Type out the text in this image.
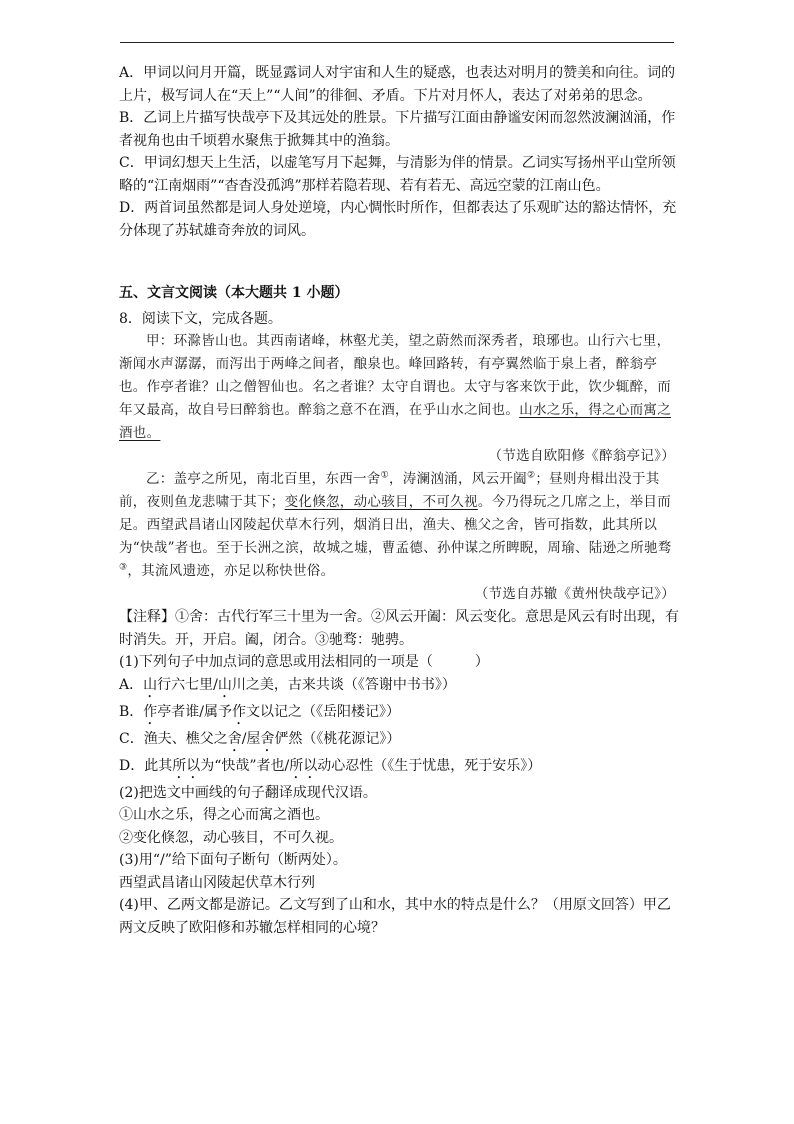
A．甲词以问月开篇，既显露词人对宇宙和人生的疑惑，也表达对明月的赞美和向往。词的上片，极写词人在“天上”“人间”的徘徊、矛盾。下片对月怀人，表达了对弟弟的思念。

B．乙词上片描写快哉亭下及其远处的胜景。下片描写江面由静谧安闲而忽然波澜汹涌，作者视角也由千顷碧水聚焦于掀舞其中的渔翁。

C．甲词幻想天上生活，以虚笔写月下起舞，与清影为伴的情景。乙词实写扬州平山堂所领略的“江南烟雨”“杳杳没孤鸿”那样若隐若现、若有若无、高远空蒙的江南山色。

D．两首词虽然都是词人身处逆境，内心惆怅时所作，但都表达了乐观旷达的豁达情怀，充分体现了苏轼雄奇奔放的词风。

五、文言文阅读（本大题共 1 小题）

8．阅读下文，完成各题。

甲：环滁皆山也。其西南诸峰，林壑尤美，望之蔚然而深秀者，琅琊也。山行六七里，渐闻水声潺潺，而泻出于两峰之间者，酿泉也。峰回路转，有亭翼然临于泉上者，醉翁亭也。作亭者谁？山之僧智仙也。名之者谁？太守自谓也。太守与客来饮于此，饮少辄醉，而年又最高，故自号曰醉翁也。醉翁之意不在酒，在乎山水之间也。山水之乐，得之心而寓之酒也。

（节选自欧阳修《醉翁亭记》）

乙：盖亭之所见，南北百里，东西一舍①，涛澜汹涌，风云开阖②；昼则舟楫出没于其前，夜则鱼龙悲啸于其下；变化倏忽，动心骇目，不可久视。今乃得玩之几席之上，举目而足。西望武昌诸山冈陵起伏草木行列，烟消日出，渔夫、樵父之舍，皆可指数，此其所以为“快哉”者也。至于长洲之滨，故城之墟，曹孟德、孙仲谋之所睥睨，周瑜、陆逊之所驰骛③，其流风遗迹，亦足以称快世俗。

（节选自苏辙《黄州快哉亭记》）

【注释】①舍：古代行军三十里为一舍。②风云开阖：风云变化。意思是风云有时出现，有时消失。开，开启。阖，闭合。③驰骛：驰骋。

(1)下列句子中加点词的意思或用法相同的一项是（　　　）

A．山行六七里/山川之美，古来共谈（《答谢中书书》）

B．作亭者谁/属予作文以记之（《岳阳楼记》）

C．渔夫、樵父之舍/屋舍俨然（《桃花源记》）

D．此其所以为“快哉”者也/所以动心忍性（《生于忧患，死于安乐》）

(2)把选文中画线的句子翻译成现代汉语。

①山水之乐，得之心而寓之酒也。

②变化倏忽，动心骇目，不可久视。

(3)用“/”给下面句子断句（断两处）。

西望武昌诸山冈陵起伏草木行列

(4)甲、乙两文都是游记。乙文写到了山和水，其中水的特点是什么？（用原文回答）甲乙两文反映了欧阳修和苏辙怎样相同的心境？
